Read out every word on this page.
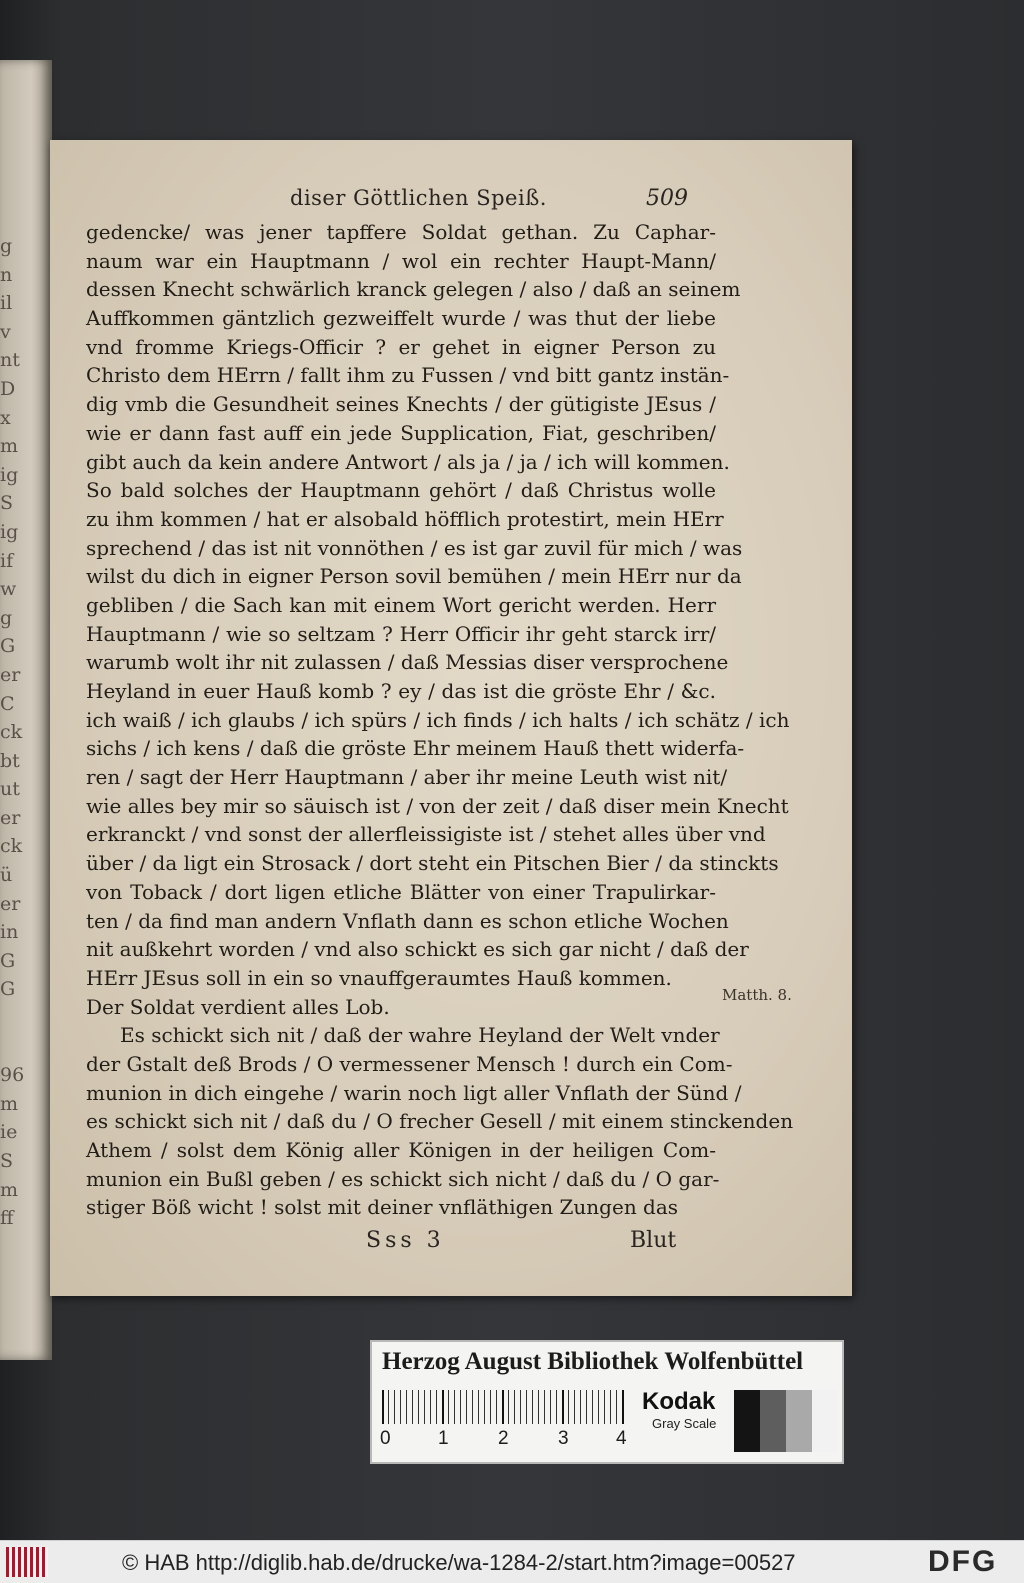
g
n
il
v
nt
D
x
m
ig
S
ig
if
w
g
G
er
C
ck
bt
ut
er
ck
ü
er
in
G
G
96
m
ie
S
m
ff
diser Göttlichen Speiß.	509
gedencke/ was jener tapffere Soldat gethan. Zu Caphar-
naum war ein Hauptmann / wol ein rechter Haupt-Mann/
dessen Knecht schwärlich kranck gelegen / also / daß an seinem
Auffkommen gäntzlich gezweiffelt wurde / was thut der liebe
vnd fromme Kriegs-Officir ? er gehet in eigner Person zu
Christo dem HErrn / fallt ihm zu Fussen / vnd bitt gantz instän-
dig vmb die Gesundheit seines Knechts / der gütigiste JEsus /
wie er dann fast auff ein jede Supplication, Fiat, geschriben/
gibt auch da kein andere Antwort / als ja / ja / ich will kommen.
So bald solches der Hauptmann gehört / daß Christus wolle
zu ihm kommen / hat er alsobald höfflich protestirt, mein HErr
sprechend / das ist nit vonnöthen / es ist gar zuvil für mich / was
wilst du dich in eigner Person sovil bemühen / mein HErr nur da
gebliben / die Sach kan mit einem Wort gericht werden. Herr
Hauptmann / wie so seltzam ? Herr Officir ihr geht starck irr/
warumb wolt ihr nit zulassen / daß Messias diser versprochene
Heyland in euer Hauß komb ? ey / das ist die gröste Ehr / &c.
ich waiß / ich glaubs / ich spürs / ich finds / ich halts / ich schätz / ich
sichs / ich kens / daß die gröste Ehr meinem Hauß thett widerfa-
ren / sagt der Herr Hauptmann / aber ihr meine Leuth wist nit/
wie alles bey mir so säuisch ist / von der zeit / daß diser mein Knecht
erkranckt / vnd sonst der allerfleissigiste ist / stehet alles über vnd
über / da ligt ein Strosack / dort steht ein Pitschen Bier / da stinckts
von Toback / dort ligen etliche Blätter von einer Trapulirkar-
ten / da find man andern Vnflath dann es schon etliche Wochen
nit außkehrt worden / vnd also schickt es sich gar nicht / daß der
HErr JEsus soll in ein so vnauffgeraumtes Hauß kommen.
Der Soldat verdient alles Lob.
Es schickt sich nit / daß der wahre Heyland der Welt vnder
der Gstalt deß Brods / O vermessener Mensch ! durch ein Com-
munion in dich eingehe / warin noch ligt aller Vnflath der Sünd /
es schickt sich nit / daß du / O frecher Gesell / mit einem stinckenden
Athem / solst dem König aller Königen in der heiligen Com-
munion ein Bußl geben / es schickt sich nicht / daß du / O gar-
stiger Böß wicht ! solst mit deiner vnfläthigen Zungen das
Matth. 8.
Sss 3	Blut
Herzog August Bibliothek Wolfenbüttel
0 1	2	3 4
Kodak
Gray Scale
© HAB http://diglib.hab.de/drucke/wa-1284-2/start.htm?image=00527	DFG
